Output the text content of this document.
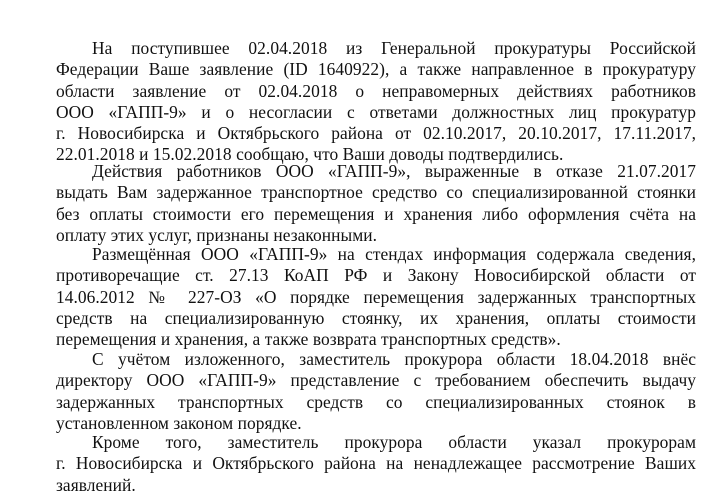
На поступившее 02.04.2018 из Генеральной прокуратуры Российской
Федерации Ваше заявление (ID 1640922), а также направленное в прокуратуру
области заявление от 02.04.2018 о неправомерных действиях работников
ООО «ГАПП-9» и о несогласии с ответами должностных лиц прокуратур
г. Новосибирска и Октябрьского района от 02.10.2017, 20.10.2017, 17.11.2017,
22.01.2018 и 15.02.2018 сообщаю, что Ваши доводы подтвердились.
Действия работников ООО «ГАПП-9», выраженные в отказе 21.07.2017
выдать Вам задержанное транспортное средство со специализированной стоянки
без оплаты стоимости его перемещения и хранения либо оформления счёта на
оплату этих услуг, признаны незаконными.
Размещённая ООО «ГАПП-9» на стендах информация содержала сведения,
противоречащие ст. 27.13 КоАП РФ и Закону Новосибирской области от
14.06.2012 № 227-ОЗ «О порядке перемещения задержанных транспортных
средств на специализированную стоянку, их хранения, оплаты стоимости
перемещения и хранения, а также возврата транспортных средств».
С учётом изложенного, заместитель прокурора области 18.04.2018 внёс
директору ООО «ГАПП-9» представление с требованием обеспечить выдачу
задержанных транспортных средств со специализированных стоянок в
установленном законом порядке.
Кроме того, заместитель прокурора области указал прокурорам
г. Новосибирска и Октябрьского района на ненадлежащее рассмотрение Ваших
заявлений.
